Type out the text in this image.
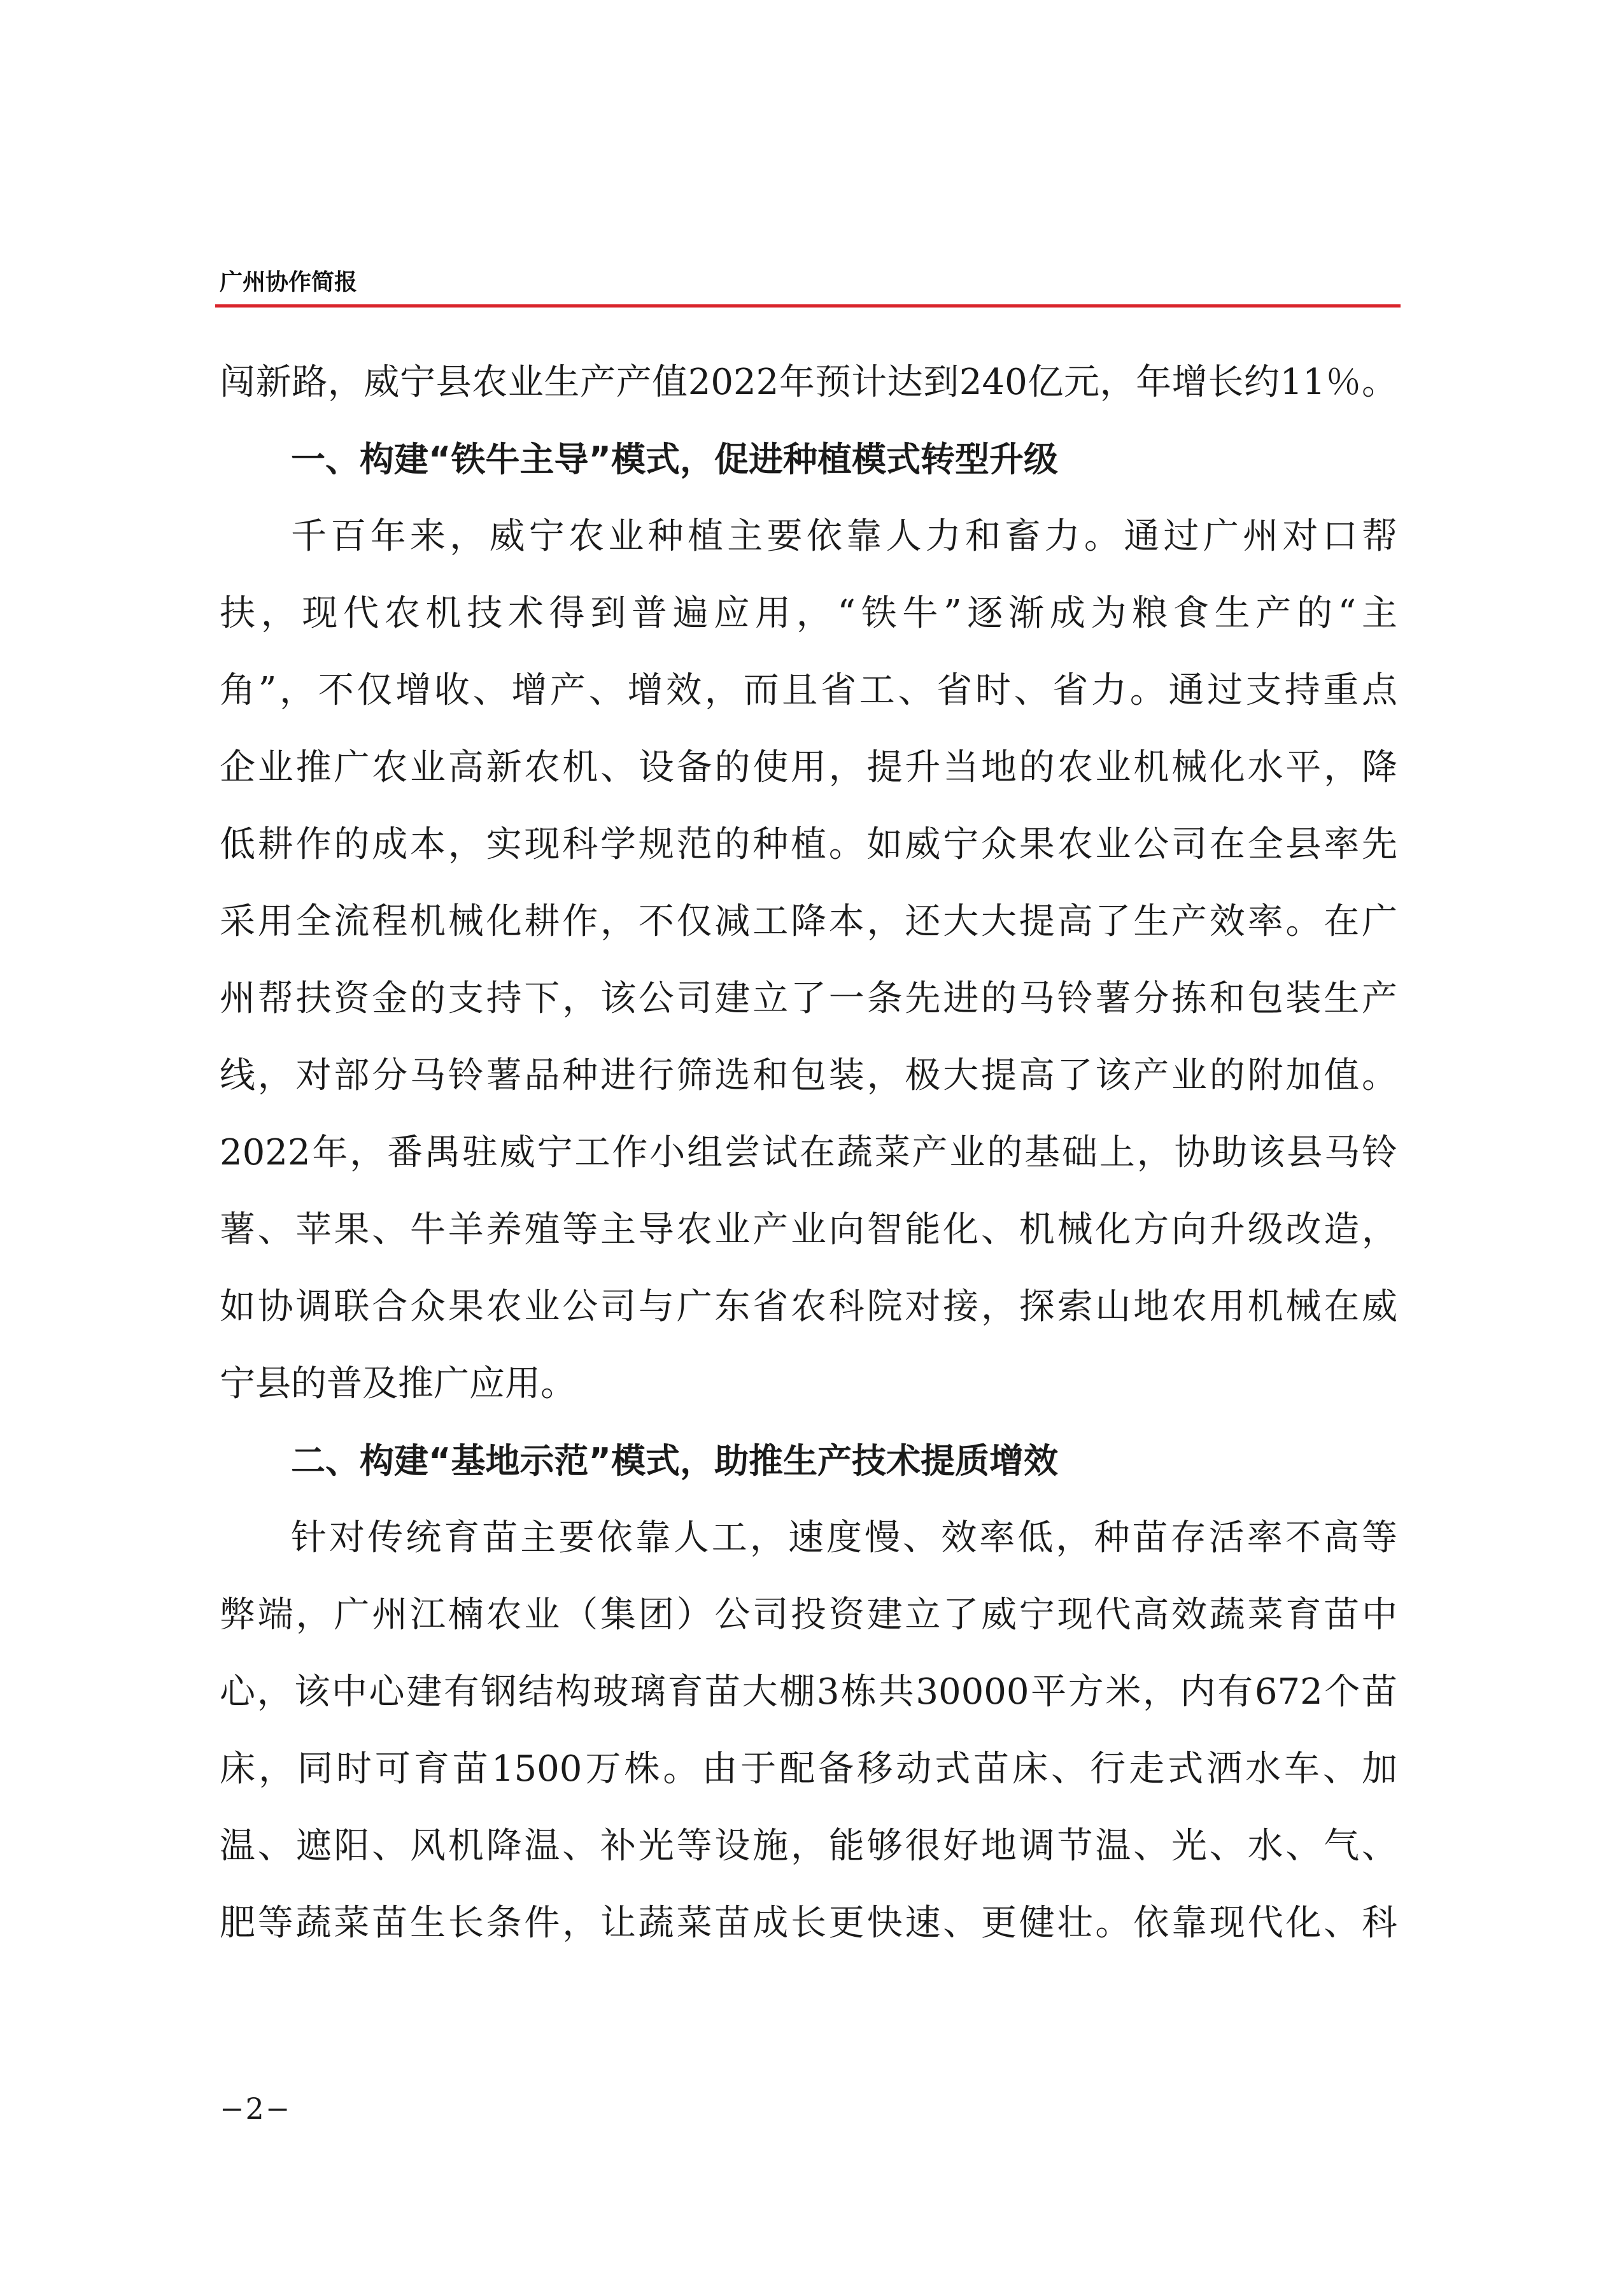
广州协作简报
闯新路，威宁县农业生产产值2022年预计达到240亿元，年增长约11％。
一、构建“铁牛主导”模式，促进种植模式转型升级
千百年来，威宁农业种植主要依靠人力和畜力。通过广州对口帮
扶，现代农机技术得到普遍应用，“铁牛”逐渐成为粮食生产的“主
角”，不仅增收、增产、增效，而且省工、省时、省力。通过支持重点
企业推广农业高新农机、设备的使用，提升当地的农业机械化水平，降
低耕作的成本，实现科学规范的种植。如威宁众果农业公司在全县率先
采用全流程机械化耕作，不仅减工降本，还大大提高了生产效率。在广
州帮扶资金的支持下，该公司建立了一条先进的马铃薯分拣和包装生产
线，对部分马铃薯品种进行筛选和包装，极大提高了该产业的附加值。
2022年，番禺驻威宁工作小组尝试在蔬菜产业的基础上，协助该县马铃
薯、苹果、牛羊养殖等主导农业产业向智能化、机械化方向升级改造，
如协调联合众果农业公司与广东省农科院对接，探索山地农用机械在威
宁县的普及推广应用。
二、构建“基地示范”模式，助推生产技术提质增效
针对传统育苗主要依靠人工，速度慢、效率低，种苗存活率不高等
弊端，广州江楠农业（集团）公司投资建立了威宁现代高效蔬菜育苗中
心，该中心建有钢结构玻璃育苗大棚3栋共30000平方米，内有672个苗
床，同时可育苗1500万株。由于配备移动式苗床、行走式洒水车、加
温、遮阳、风机降温、补光等设施，能够很好地调节温、光、水、气、
肥等蔬菜苗生长条件，让蔬菜苗成长更快速、更健壮。依靠现代化、科
−2−
